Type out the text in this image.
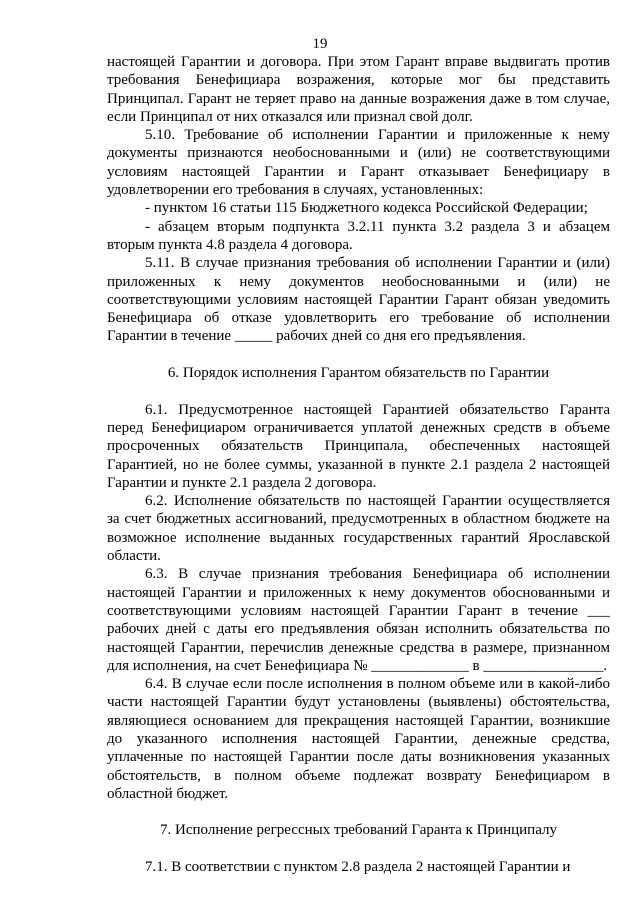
19

настоящей Гарантии и договора. При этом Гарант вправе выдвигать против требования Бенефициара возражения, которые мог бы представить Принципал. Гарант не теряет право на данные возражения даже в том случае, если Принципал от них отказался или признал свой долг.

5.10. Требование об исполнении Гарантии и приложенные к нему документы признаются необоснованными и (или) не соответствующими условиям настоящей Гарантии и Гарант отказывает Бенефициару в удовлетворении его требования в случаях, установленных:

- пунктом 16 статьи 115 Бюджетного кодекса Российской Федерации;

- абзацем вторым подпункта 3.2.11 пункта 3.2 раздела 3 и абзацем вторым пункта 4.8 раздела 4 договора.

5.11. В случае признания требования об исполнении Гарантии и (или) приложенных к нему документов необоснованными и (или) не соответствующими условиям настоящей Гарантии Гарант обязан уведомить Бенефициара об отказе удовлетворить его требование об исполнении Гарантии в течение _____ рабочих дней со дня его предъявления.

6. Порядок исполнения Гарантом обязательств по Гарантии

6.1. Предусмотренное настоящей Гарантией обязательство Гаранта перед Бенефициаром ограничивается уплатой денежных средств в объеме просроченных обязательств Принципала, обеспеченных настоящей Гарантией, но не более суммы, указанной в пункте 2.1 раздела 2 настоящей Гарантии и пункте 2.1 раздела 2 договора.

6.2. Исполнение обязательств по настоящей Гарантии осуществляется за счет бюджетных ассигнований, предусмотренных в областном бюджете на возможное исполнение выданных государственных гарантий Ярославской области.

6.3. В случае признания требования Бенефициара об исполнении настоящей Гарантии и приложенных к нему документов обоснованными и соответствующими условиям настоящей Гарантии Гарант в течение ___ рабочих дней с даты его предъявления обязан исполнить обязательства по настоящей Гарантии, перечислив денежные средства в размере, признанном для исполнения, на счет Бенефициара № _____________ в ________________.

6.4. В случае если после исполнения в полном объеме или в какой-либо части настоящей Гарантии будут установлены (выявлены) обстоятельства, являющиеся основанием для прекращения настоящей Гарантии, возникшие до указанного исполнения настоящей Гарантии, денежные средства, уплаченные по настоящей Гарантии после даты возникновения указанных обстоятельств, в полном объеме подлежат возврату Бенефициаром в областной бюджет.

7. Исполнение регрессных требований Гаранта к Принципалу

7.1. В соответствии с пунктом 2.8 раздела 2 настоящей Гарантии и
